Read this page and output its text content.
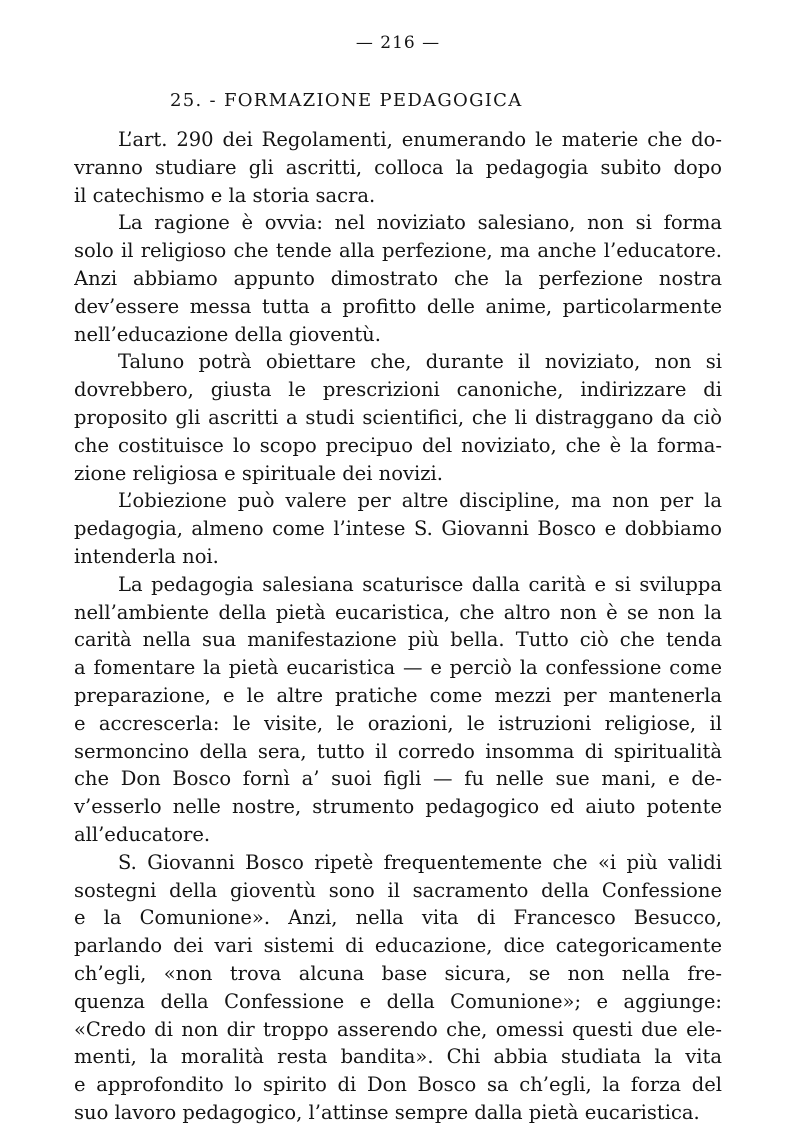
— 216 —
25. - FORMAZIONE PEDAGOGICA
L’art. 290 dei Regolamenti, enumerando le materie che do-
vranno studiare gli ascritti, colloca la pedagogia subito dopo
il catechismo e la storia sacra.
La ragione è ovvia: nel noviziato salesiano, non si forma
solo il religioso che tende alla perfezione, ma anche l’educatore.
Anzi abbiamo appunto dimostrato che la perfezione nostra
dev’essere messa tutta a profitto delle anime, particolarmente
nell’educazione della gioventù.
Taluno potrà obiettare che, durante il noviziato, non si
dovrebbero, giusta le prescrizioni canoniche, indirizzare di
proposito gli ascritti a studi scientifici, che li distraggano da ciò
che costituisce lo scopo precipuo del noviziato, che è la forma-
zione religiosa e spirituale dei novizi.
L’obiezione può valere per altre discipline, ma non per la
pedagogia, almeno come l’intese S. Giovanni Bosco e dobbiamo
intenderla noi.
La pedagogia salesiana scaturisce dalla carità e si sviluppa
nell’ambiente della pietà eucaristica, che altro non è se non la
carità nella sua manifestazione più bella. Tutto ciò che tenda
a fomentare la pietà eucaristica — e perciò la confessione come
preparazione, e le altre pratiche come mezzi per mantenerla
e accrescerla: le visite, le orazioni, le istruzioni religiose, il
sermoncino della sera, tutto il corredo insomma di spiritualità
che Don Bosco fornì a’ suoi figli — fu nelle sue mani, e de-
v’esserlo nelle nostre, strumento pedagogico ed aiuto potente
all’educatore.
S. Giovanni Bosco ripetè frequentemente che «i più validi
sostegni della gioventù sono il sacramento della Confessione
e la Comunione». Anzi, nella vita di Francesco Besucco,
parlando dei vari sistemi di educazione, dice categoricamente
ch’egli, «non trova alcuna base sicura, se non nella fre-
quenza della Confessione e della Comunione»; e aggiunge:
«Credo di non dir troppo asserendo che, omessi questi due ele-
menti, la moralità resta bandita». Chi abbia studiata la vita
e approfondito lo spirito di Don Bosco sa ch’egli, la forza del
suo lavoro pedagogico, l’attinse sempre dalla pietà eucaristica.
